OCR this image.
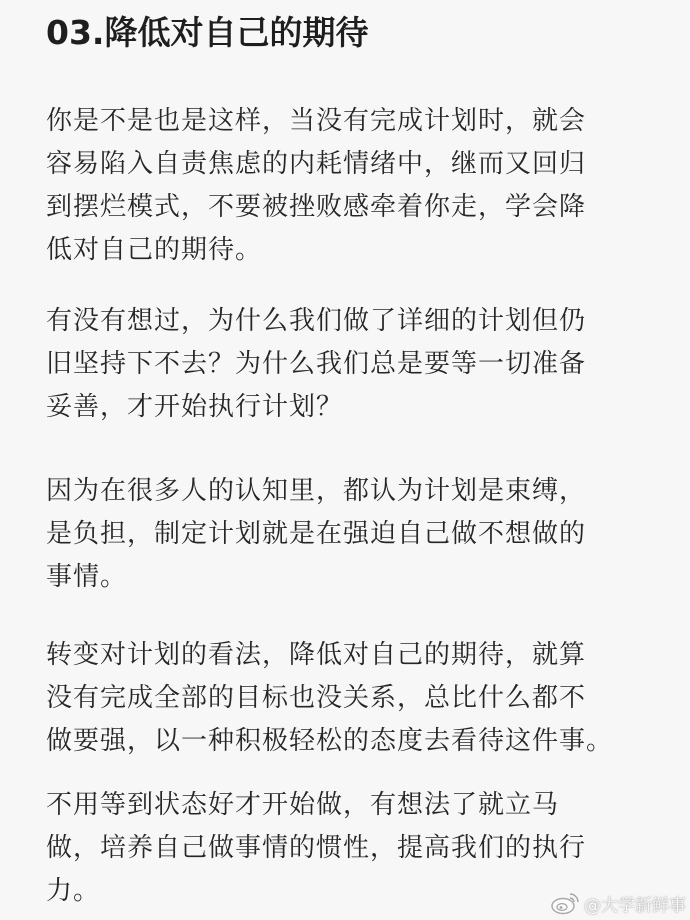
03.降低对自己的期待
你是不是也是这样，当没有完成计划时，就会
容易陷入自责焦虑的内耗情绪中，继而又回归
到摆烂模式，不要被挫败感牵着你走，学会降
低对自己的期待。
有没有想过，为什么我们做了详细的计划但仍
旧坚持下不去？为什么我们总是要等一切准备
妥善，才开始执行计划？
因为在很多人的认知里，都认为计划是束缚，
是负担，制定计划就是在强迫自己做不想做的
事情。
转变对计划的看法，降低对自己的期待，就算
没有完成全部的目标也没关系，总比什么都不
做要强，以一种积极轻松的态度去看待这件事。
不用等到状态好才开始做，有想法了就立马
做，培养自己做事情的惯性，提高我们的执行
力。	@大学新鲜事
